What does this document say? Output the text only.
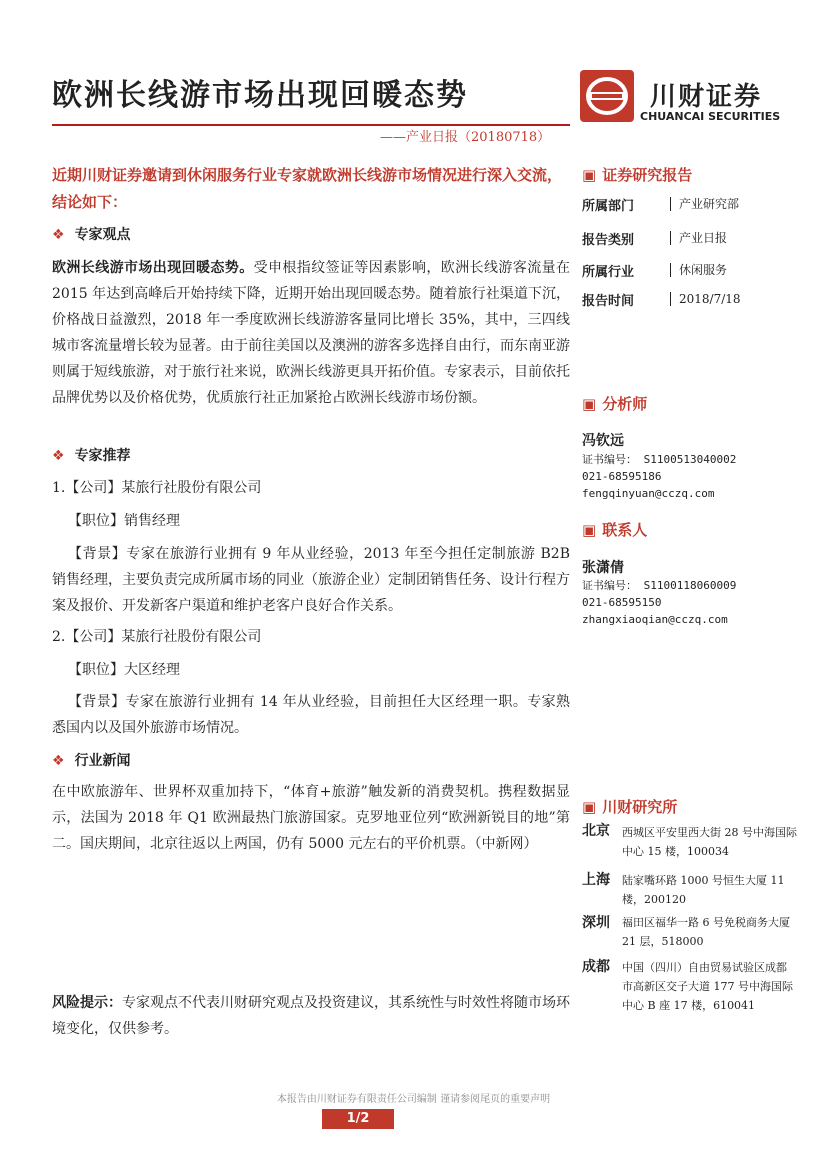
欧洲长线游市场出现回暖态势	川财证券
CHUANCAI SECURITIES
——产业日报（20180718）
近期川财证券邀请到休闲服务行业专家就欧洲长线游市场情况进行深入交流，结论如下：
❖ 专家观点
欧洲长线游市场出现回暖态势。受申根指纹签证等因素影响，欧洲长线游客流量在 2015 年达到高峰后开始持续下降，近期开始出现回暖态势。随着旅行社渠道下沉，价格战日益激烈，2018 年一季度欧洲长线游游客量同比增长 35%，其中，三四线城市客流量增长较为显著。由于前往美国以及澳洲的游客多选择自由行，而东南亚游则属于短线旅游，对于旅行社来说，欧洲长线游更具开拓价值。专家表示，目前依托品牌优势以及价格优势，优质旅行社正加紧抢占欧洲长线游市场份额。
❖ 专家推荐
1.【公司】某旅行社股份有限公司
【职位】销售经理
【背景】专家在旅游行业拥有 9 年从业经验，2013 年至今担任定制旅游 B2B 销售经理，主要负责完成所属市场的同业（旅游企业）定制团销售任务、设计行程方案及报价、开发新客户渠道和维护老客户良好合作关系。
2.【公司】某旅行社股份有限公司
【职位】大区经理
【背景】专家在旅游行业拥有 14 年从业经验，目前担任大区经理一职。专家熟悉国内以及国外旅游市场情况。
❖ 行业新闻
在中欧旅游年、世界杯双重加持下，“体育+旅游”触发新的消费契机。携程数据显示，法国为 2018 年 Q1 欧洲最热门旅游国家。克罗地亚位列“欧洲新锐目的地”第二。国庆期间，北京往返以上两国，仍有 5000 元左右的平价机票。（中新网）
风险提示：专家观点不代表川财研究观点及投资建议，其系统性与时效性将随市场环境变化，仅供参考。
▣ 证券研究报告
所属部门	产业研究部
报告类别	产业日报
所属行业	休闲服务
报告时间	2018/7/18
▣ 分析师
冯钦远
证书编号： S1100513040002
021-68595186
fengqinyuan@cczq.com
▣ 联系人
张潇倩
证书编号： S1100118060009
021-68595150
zhangxiaoqian@cczq.com
▣ 川财研究所
北京 西城区平安里西大街 28 号中海国际中心 15 楼，100034
上海 陆家嘴环路 1000 号恒生大厦 11 楼，200120
深圳 福田区福华一路 6 号免税商务大厦 21 层，518000
成都 中国（四川）自由贸易试验区成都市高新区交子大道 177 号中海国际中心 B 座 17 楼，610041
本报告由川财证券有限责任公司编制 谨请参阅尾页的重要声明
1/2
